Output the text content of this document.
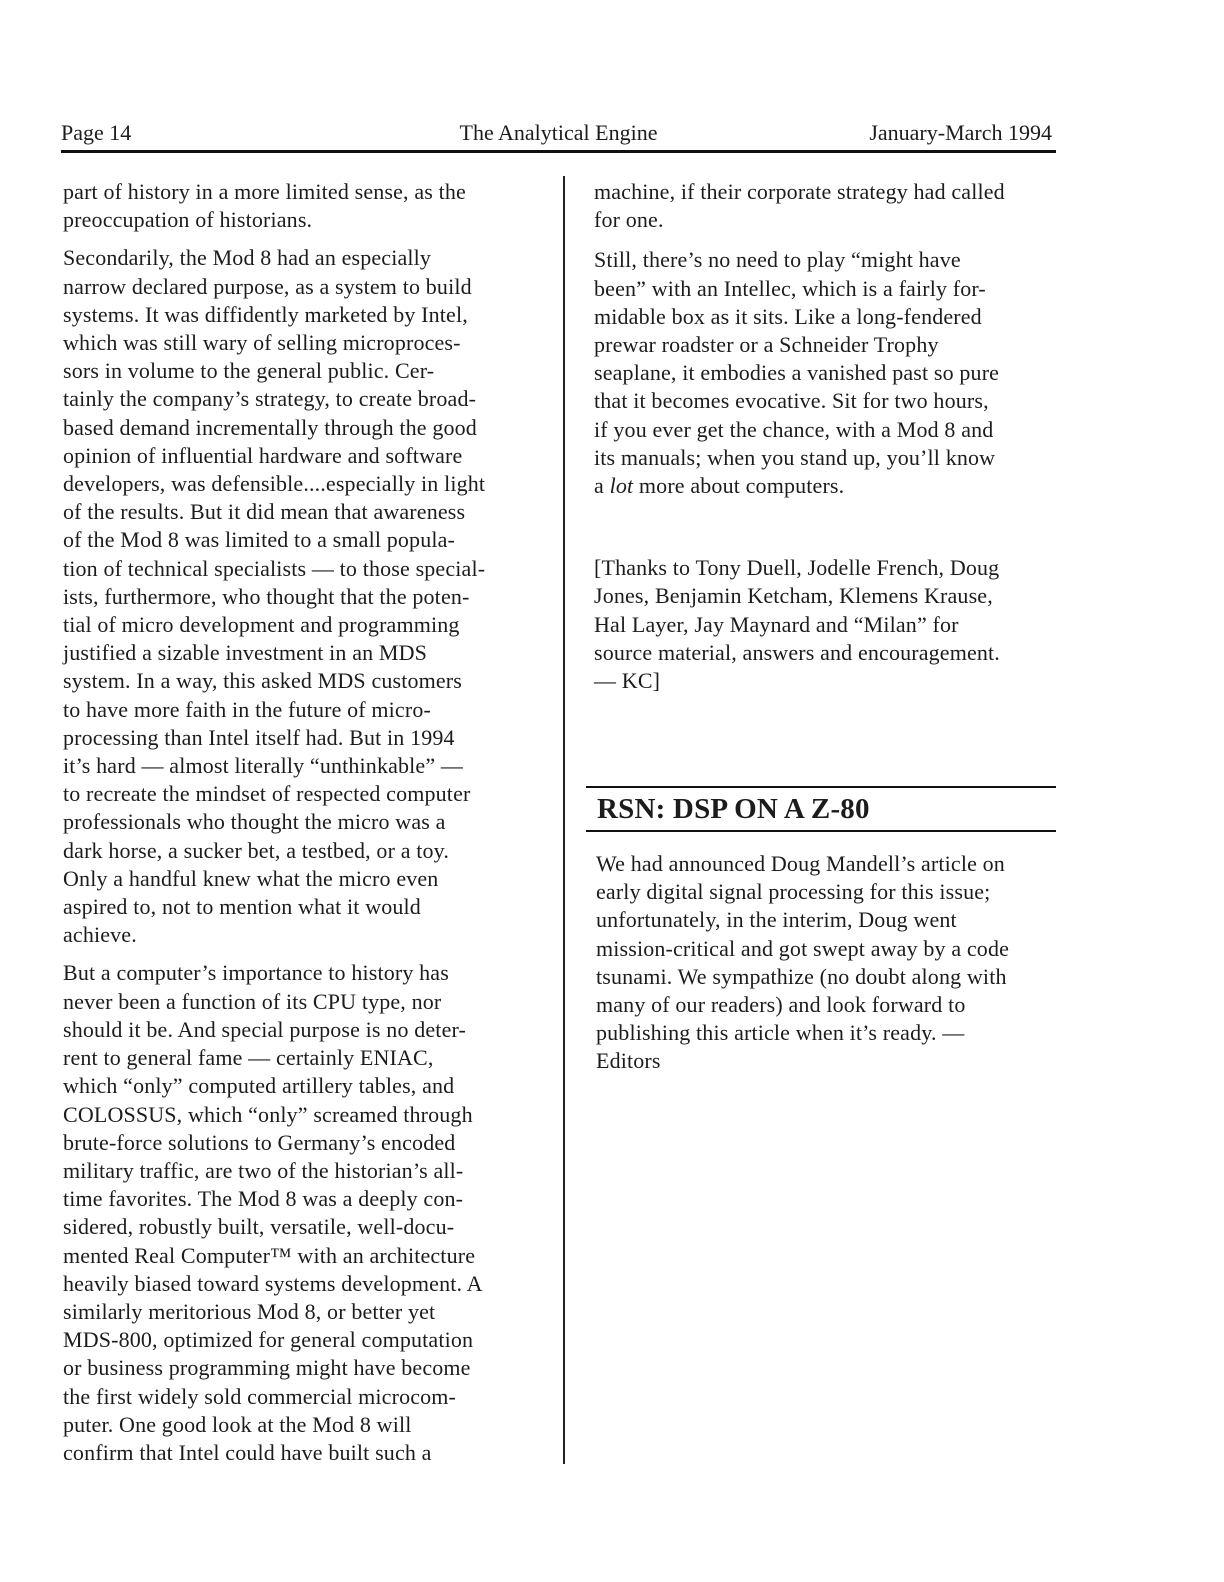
Page 14	The Analytical Engine	January-March 1994

part of history in a more limited sense, as the
preoccupation of historians.

Secondarily, the Mod 8 had an especially
narrow declared purpose, as a system to build
systems. It was diffidently marketed by Intel,
which was still wary of selling microproces-
sors in volume to the general public. Cer-
tainly the company’s strategy, to create broad-
based demand incrementally through the good
opinion of influential hardware and software
developers, was defensible....especially in light
of the results. But it did mean that awareness
of the Mod 8 was limited to a small popula-
tion of technical specialists — to those special-
ists, furthermore, who thought that the poten-
tial of micro development and programming
justified a sizable investment in an MDS
system. In a way, this asked MDS customers
to have more faith in the future of micro-
processing than Intel itself had. But in 1994
it’s hard — almost literally “unthinkable” —
to recreate the mindset of respected computer
professionals who thought the micro was a
dark horse, a sucker bet, a testbed, or a toy.
Only a handful knew what the micro even
aspired to, not to mention what it would
achieve.

But a computer’s importance to history has
never been a function of its CPU type, nor
should it be. And special purpose is no deter-
rent to general fame — certainly ENIAC,
which “only” computed artillery tables, and
COLOSSUS, which “only” screamed through
brute-force solutions to Germany’s encoded
military traffic, are two of the historian’s all-
time favorites. The Mod 8 was a deeply con-
sidered, robustly built, versatile, well-docu-
mented Real Computer™ with an architecture
heavily biased toward systems development. A
similarly meritorious Mod 8, or better yet
MDS-800, optimized for general computation
or business programming might have become
the first widely sold commercial microcom-
puter. One good look at the Mod 8 will
confirm that Intel could have built such a

machine, if their corporate strategy had called
for one.

Still, there’s no need to play “might have
been” with an Intellec, which is a fairly for-
midable box as it sits. Like a long-fendered
prewar roadster or a Schneider Trophy
seaplane, it embodies a vanished past so pure
that it becomes evocative. Sit for two hours,
if you ever get the chance, with a Mod 8 and
its manuals; when you stand up, you’ll know
a lot more about computers.

[Thanks to Tony Duell, Jodelle French, Doug
Jones, Benjamin Ketcham, Klemens Krause,
Hal Layer, Jay Maynard and “Milan” for
source material, answers and encouragement.
— KC]

RSN: DSP ON A Z-80

We had announced Doug Mandell’s article on
early digital signal processing for this issue;
unfortunately, in the interim, Doug went
mission-critical and got swept away by a code
tsunami. We sympathize (no doubt along with
many of our readers) and look forward to
publishing this article when it’s ready. —
Editors
